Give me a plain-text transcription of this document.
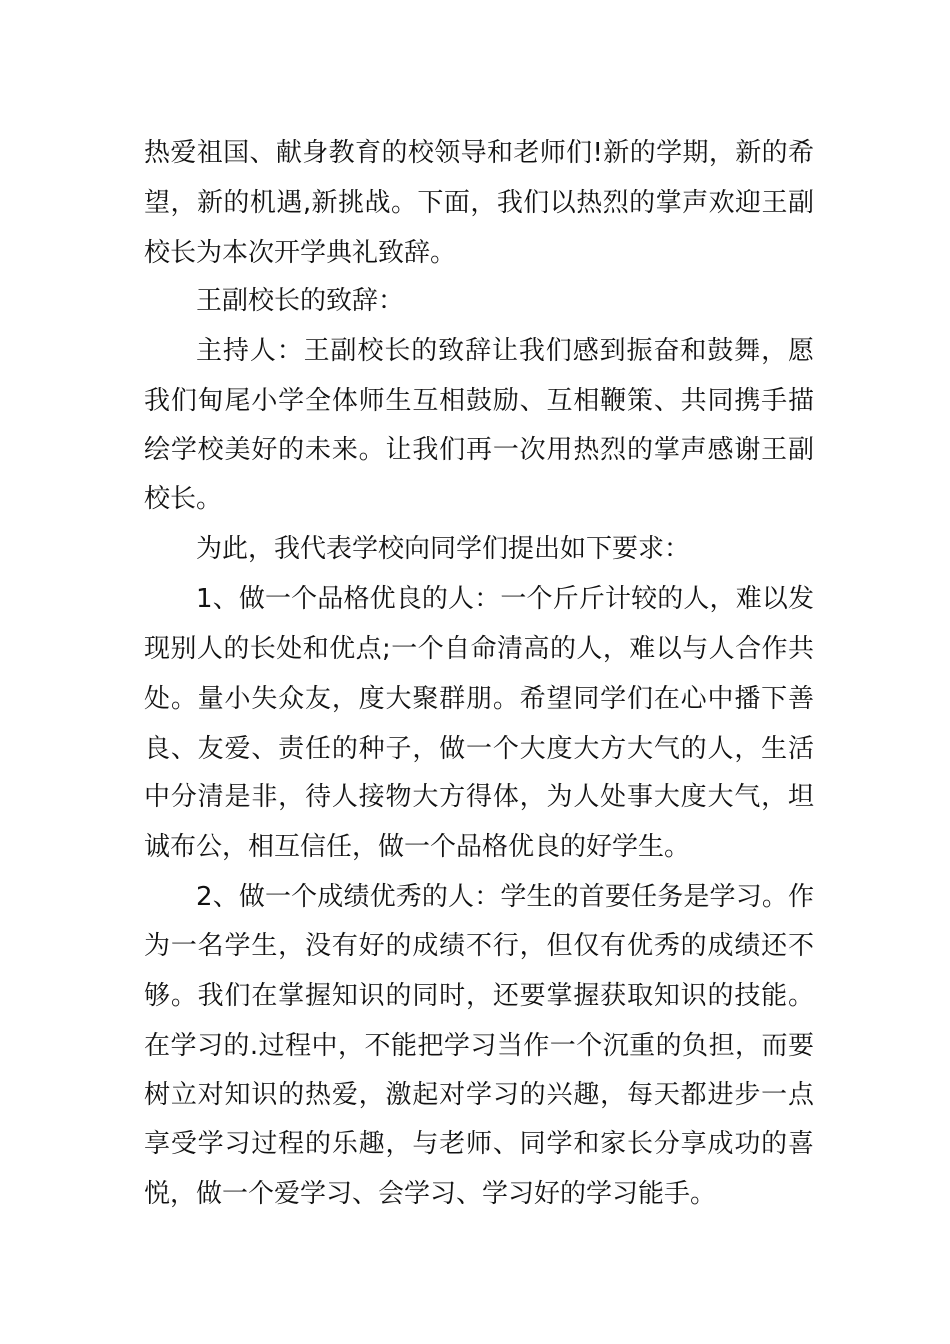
热爱祖国、献身教育的校领导和老师们!新的学期，新的希
望，新的机遇,新挑战。下面，我们以热烈的掌声欢迎王副
校长为本次开学典礼致辞。
王副校长的致辞：
主持人：王副校长的致辞让我们感到振奋和鼓舞，愿
我们甸尾小学全体师生互相鼓励、互相鞭策、共同携手描
绘学校美好的未来。让我们再一次用热烈的掌声感谢王副
校长。
为此，我代表学校向同学们提出如下要求：
1、做一个品格优良的人：一个斤斤计较的人，难以发
现别人的长处和优点;一个自命清高的人，难以与人合作共
处。量小失众友，度大聚群朋。希望同学们在心中播下善
良、友爱、责任的种子，做一个大度大方大气的人，生活
中分清是非，待人接物大方得体，为人处事大度大气，坦
诚布公，相互信任，做一个品格优良的好学生。
2、做一个成绩优秀的人：学生的首要任务是学习。作
为一名学生，没有好的成绩不行，但仅有优秀的成绩还不
够。我们在掌握知识的同时，还要掌握获取知识的技能。
在学习的.过程中，不能把学习当作一个沉重的负担，而要
树立对知识的热爱，激起对学习的兴趣，每天都进步一点
享受学习过程的乐趣，与老师、同学和家长分享成功的喜
悦，做一个爱学习、会学习、学习好的学习能手。
